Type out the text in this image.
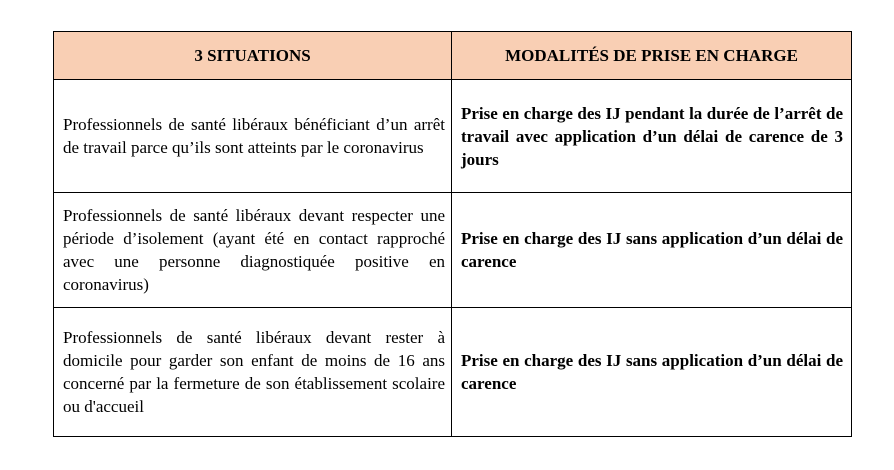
3 SITUATIONS	MODALITÉS DE PRISE EN CHARGE
Professionnels de santé libéraux bénéficiant d’un arrêt de travail parce qu’ils sont atteints par le coronavirus	Prise en charge des IJ pendant la durée de l’arrêt de travail avec application d’un délai de carence de 3 jours
Professionnels de santé libéraux devant respecter une période d’isolement (ayant été en contact rapproché avec une personne diagnostiquée positive en coronavirus)	Prise en charge des IJ sans application d’un délai de carence
Professionnels de santé libéraux devant rester à domicile pour garder son enfant de moins de 16 ans concerné par la fermeture de son établissement scolaire ou d'accueil	Prise en charge des IJ sans application d’un délai de carence
